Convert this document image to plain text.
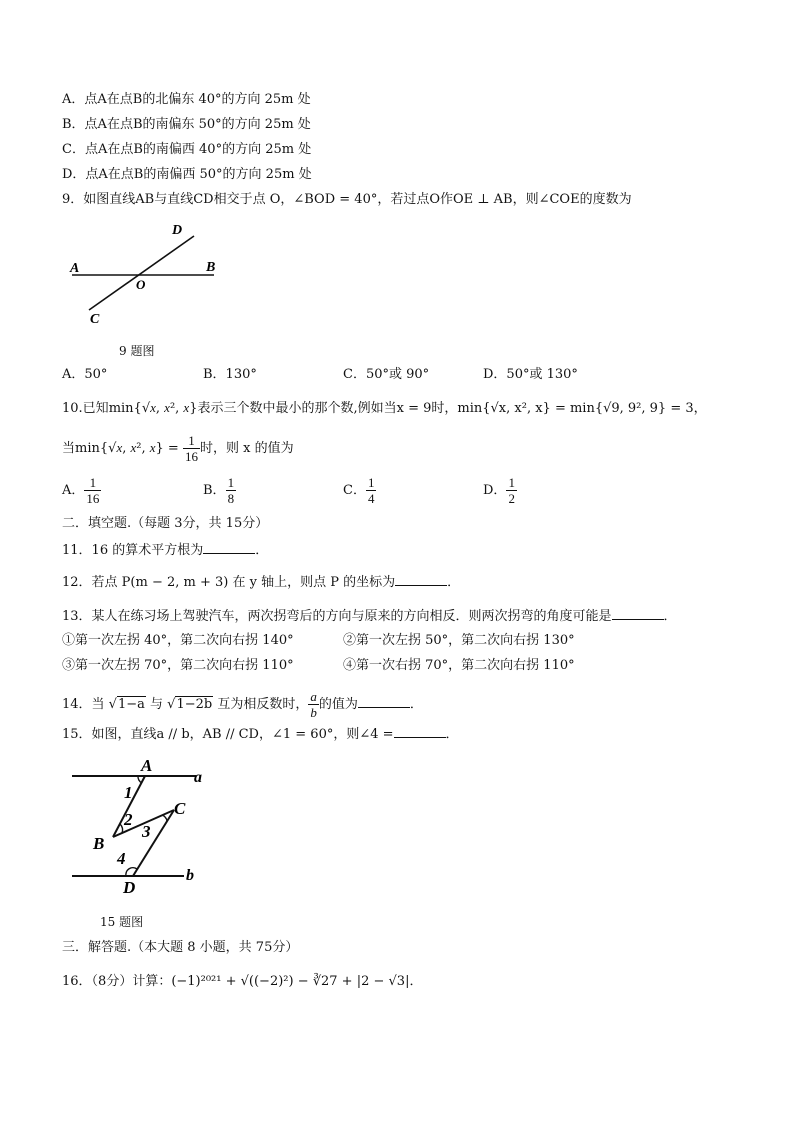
A．点A在点B的北偏东 40°的方向 25m 处
B．点A在点B的南偏东 50°的方向 25m 处
C．点A在点B的南偏西 40°的方向 25m 处
D．点A在点B的南偏西 50°的方向 25m 处
9．如图直线AB与直线CD相交于点 O，∠BOD = 40°，若过点O作OE ⊥ AB，则∠COE的度数为
D
A	B
O
C
9 题图
A．50°	B．130°	C．50°或 90°	D．50°或 130°
10.已知min{√x, x², x}表示三个数中最小的那个数,例如当x = 9时，min{√x, x², x} = min{√9, 9², 9} = 3，
当min{√x, x², $x\} = \frac{1}{16}$ 时，则 x 的值为
A． $\frac{1}{16}$	B． $\frac{1}{8}$	C． $\frac{1}{4}$	D． $\frac{1}{2}$
二．填空题.（每题 3分，共 15分）
11．16 的算术平方根为	．
12．若点 P(m − 2, m + 3) 在 y 轴上，则点 P 的坐标为	．
13．某人在练习场上驾驶汽车，两次拐弯后的方向与原来的方向相反．则两次拐弯的角度可能是	．
①第一次左拐 40°，第二次向右拐 140°	②第一次左拐 50°，第二次向右拐 130°
③第一次左拐 70°，第二次向右拐 110°	④第一次右拐 70°，第二次向右拐 110°
14．当 √1−a 与 √1−2b 互为相反数时， $\frac{a}{b}$ 的值为	．
15．如图，直线a // b，AB // CD，∠1 = 60°，则∠4 =	．
A
a
1
C
2
3
B
4
D
b
15 题图
三．解答题.（本大题 8 小题，共 75分）
16．（8分）计算：(−1)²⁰²¹ + √((−2)²) − ∛27 + |2 − √3|．
